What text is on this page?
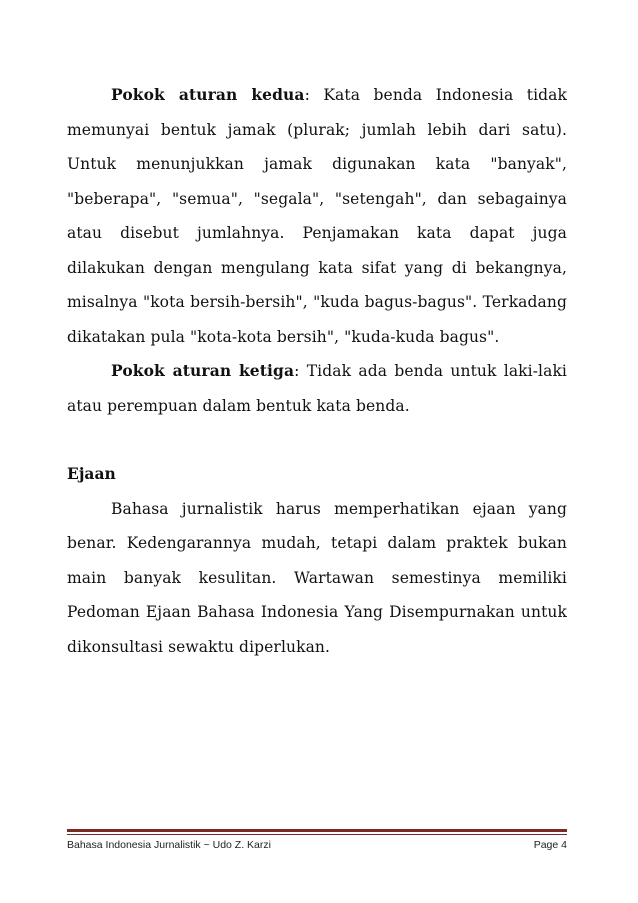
Pokok aturan kedua: Kata benda Indonesia tidak memunyai bentuk jamak (plurak; jumlah lebih dari satu). Untuk menunjukkan jamak digunakan kata "banyak", "beberapa", "semua", "segala", "setengah", dan sebagainya atau disebut jumlahnya. Penjamakan kata dapat juga dilakukan dengan mengulang kata sifat yang di bekangnya, misalnya "kota bersih-bersih", "kuda bagus-bagus". Terkadang dikatakan pula "kota-kota bersih", "kuda-kuda bagus".

Pokok aturan ketiga: Tidak ada benda untuk laki-laki atau perempuan dalam bentuk kata benda.

Ejaan

Bahasa jurnalistik harus memperhatikan ejaan yang benar. Kedengarannya mudah, tetapi dalam praktek bukan main banyak kesulitan. Wartawan semestinya memiliki Pedoman Ejaan Bahasa Indonesia Yang Disempurnakan untuk dikonsultasi sewaktu diperlukan.

Bahasa Indonesia Jurnalistik ~ Udo Z. Karzi	Page 4
